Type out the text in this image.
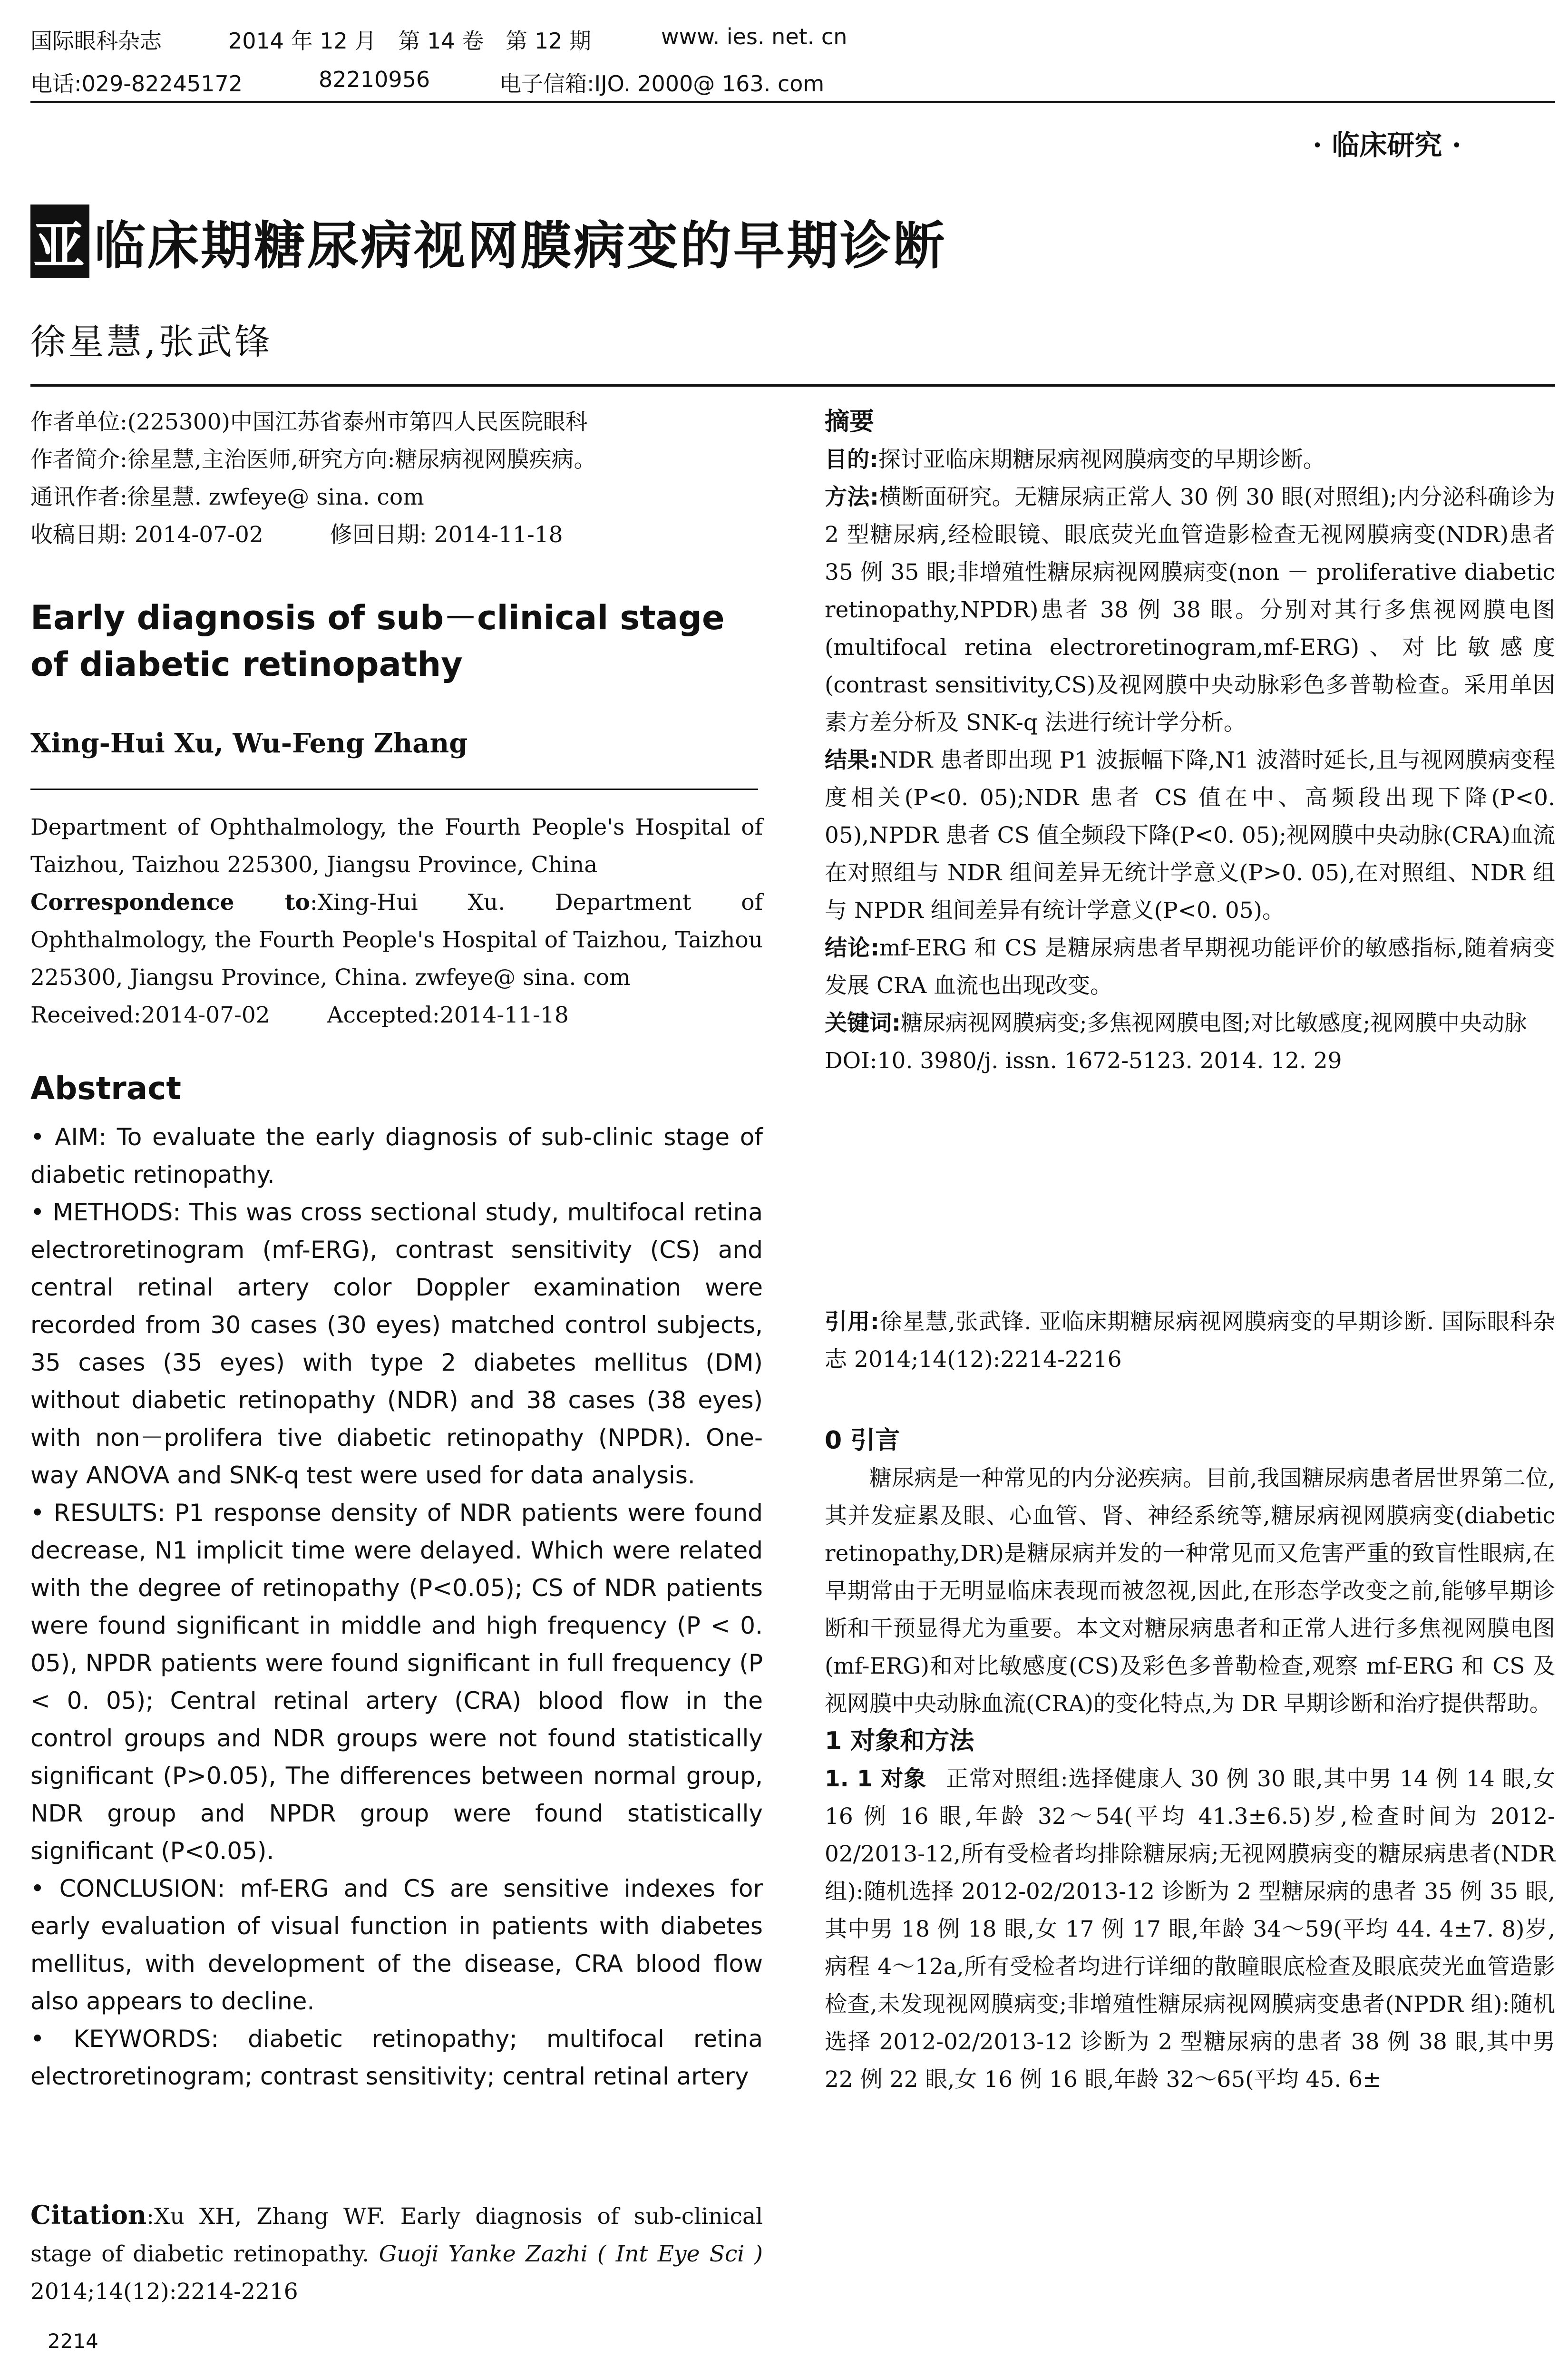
国际眼科杂志	2014 年 12 月　第 14 卷　第 12 期	www. ies. net. cn
电话:029-82245172	82210956	电子信箱:IJO. 2000@ 163. com
· 临床研究 ·
亚 临床期糖尿病视网膜病变的早期诊断
徐星慧,张武锋

作者单位:(225300)中国江苏省泰州市第四人民医院眼科

作者简介:徐星慧,主治医师,研究方向:糖尿病视网膜疾病。

通讯作者:徐星慧. zwfeye@ sina. com

收稿日期: 2014-07-02	修回日期: 2014-11-18

Early diagnosis of sub－clinical stage of diabetic retinopathy
Xing-Hui Xu, Wu-Feng Zhang

Department of Ophthalmology, the Fourth People's Hospital of Taizhou, Taizhou 225300, Jiangsu Province, China

Correspondence to:Xing-Hui Xu. Department of Ophthalmology, the Fourth People's Hospital of Taizhou, Taizhou 225300, Jiangsu Province, China. zwfeye@ sina. com

Received:2014-07-02	Accepted:2014-11-18

Abstract

• AIM: To evaluate the early diagnosis of sub-clinic stage of diabetic retinopathy.

• METHODS: This was cross sectional study, multifocal retina electroretinogram (mf-ERG), contrast sensitivity (CS) and central retinal artery color Doppler examination were recorded from 30 cases (30 eyes) matched control subjects, 35 cases (35 eyes) with type 2 diabetes mellitus (DM) without diabetic retinopathy (NDR) and 38 cases (38 eyes) with non－prolifera tive diabetic retinopathy (NPDR). One-way ANOVA and SNK-q test were used for data analysis.

• RESULTS: P1 response density of NDR patients were found decrease, N1 implicit time were delayed. Which were related with the degree of retinopathy (P<0.05); CS of NDR patients were found significant in middle and high frequency (P < 0. 05), NPDR patients were found significant in full frequency (P < 0. 05); Central retinal artery (CRA) blood flow in the control groups and NDR groups were not found statistically significant (P>0.05), The differences between normal group, NDR group and NPDR group were found statistically significant (P<0.05).

• CONCLUSION: mf-ERG and CS are sensitive indexes for early evaluation of visual function in patients with diabetes mellitus, with development of the disease, CRA blood flow also appears to decline.

• KEYWORDS: diabetic retinopathy; multifocal retina electroretinogram; contrast sensitivity; central retinal artery

Citation:Xu XH, Zhang WF. Early diagnosis of sub-clinical stage of diabetic retinopathy. Guoji Yanke Zazhi ( Int Eye Sci ) 2014;14(12):2214-2216

2214

摘要

目的:探讨亚临床期糖尿病视网膜病变的早期诊断。

方法:横断面研究。无糖尿病正常人 30 例 30 眼(对照组);内分泌科确诊为 2 型糖尿病,经检眼镜、眼底荧光血管造影检查无视网膜病变(NDR)患者 35 例 35 眼;非增殖性糖尿病视网膜病变(non － proliferative diabetic retinopathy,NPDR)患者 38 例 38 眼。分别对其行多焦视网膜电图(multifocal retina electroretinogram,mf-ERG)、对比敏感度(contrast sensitivity,CS)及视网膜中央动脉彩色多普勒检查。采用单因素方差分析及 SNK-q 法进行统计学分析。

结果:NDR 患者即出现 P1 波振幅下降,N1 波潜时延长,且与视网膜病变程度相关(P<0. 05);NDR 患者 CS 值在中、高频段出现下降(P<0. 05),NPDR 患者 CS 值全频段下降(P<0. 05);视网膜中央动脉(CRA)血流在对照组与 NDR 组间差异无统计学意义(P>0. 05),在对照组、NDR 组与 NPDR 组间差异有统计学意义(P<0. 05)。

结论:mf-ERG 和 CS 是糖尿病患者早期视功能评价的敏感指标,随着病变发展 CRA 血流也出现改变。

关键词:糖尿病视网膜病变;多焦视网膜电图;对比敏感度;视网膜中央动脉

DOI:10. 3980/j. issn. 1672-5123. 2014. 12. 29

引用:徐星慧,张武锋. 亚临床期糖尿病视网膜病变的早期诊断. 国际眼科杂志 2014;14(12):2214-2216

0 引言

糖尿病是一种常见的内分泌疾病。目前,我国糖尿病患者居世界第二位,其并发症累及眼、心血管、肾、神经系统等,糖尿病视网膜病变(diabetic retinopathy,DR)是糖尿病并发的一种常见而又危害严重的致盲性眼病,在早期常由于无明显临床表现而被忽视,因此,在形态学改变之前,能够早期诊断和干预显得尤为重要。本文对糖尿病患者和正常人进行多焦视网膜电图(mf-ERG)和对比敏感度(CS)及彩色多普勒检查,观察 mf-ERG 和 CS 及视网膜中央动脉血流(CRA)的变化特点,为 DR 早期诊断和治疗提供帮助。

1 对象和方法

1. 1 对象 正常对照组:选择健康人 30 例 30 眼,其中男 14 例 14 眼,女 16 例 16 眼,年龄 32～54(平均 41.3±6.5)岁,检查时间为 2012-02/2013-12,所有受检者均排除糖尿病;无视网膜病变的糖尿病患者(NDR 组):随机选择 2012-02/2013-12 诊断为 2 型糖尿病的患者 35 例 35 眼,其中男 18 例 18 眼,女 17 例 17 眼,年龄 34～59(平均 44. 4±7. 8)岁,病程 4～12a,所有受检者均进行详细的散瞳眼底检查及眼底荧光血管造影检查,未发现视网膜病变;非增殖性糖尿病视网膜病变患者(NPDR 组):随机选择 2012-02/2013-12 诊断为 2 型糖尿病的患者 38 例 38 眼,其中男 22 例 22 眼,女 16 例 16 眼,年龄 32～65(平均 45. 6±
